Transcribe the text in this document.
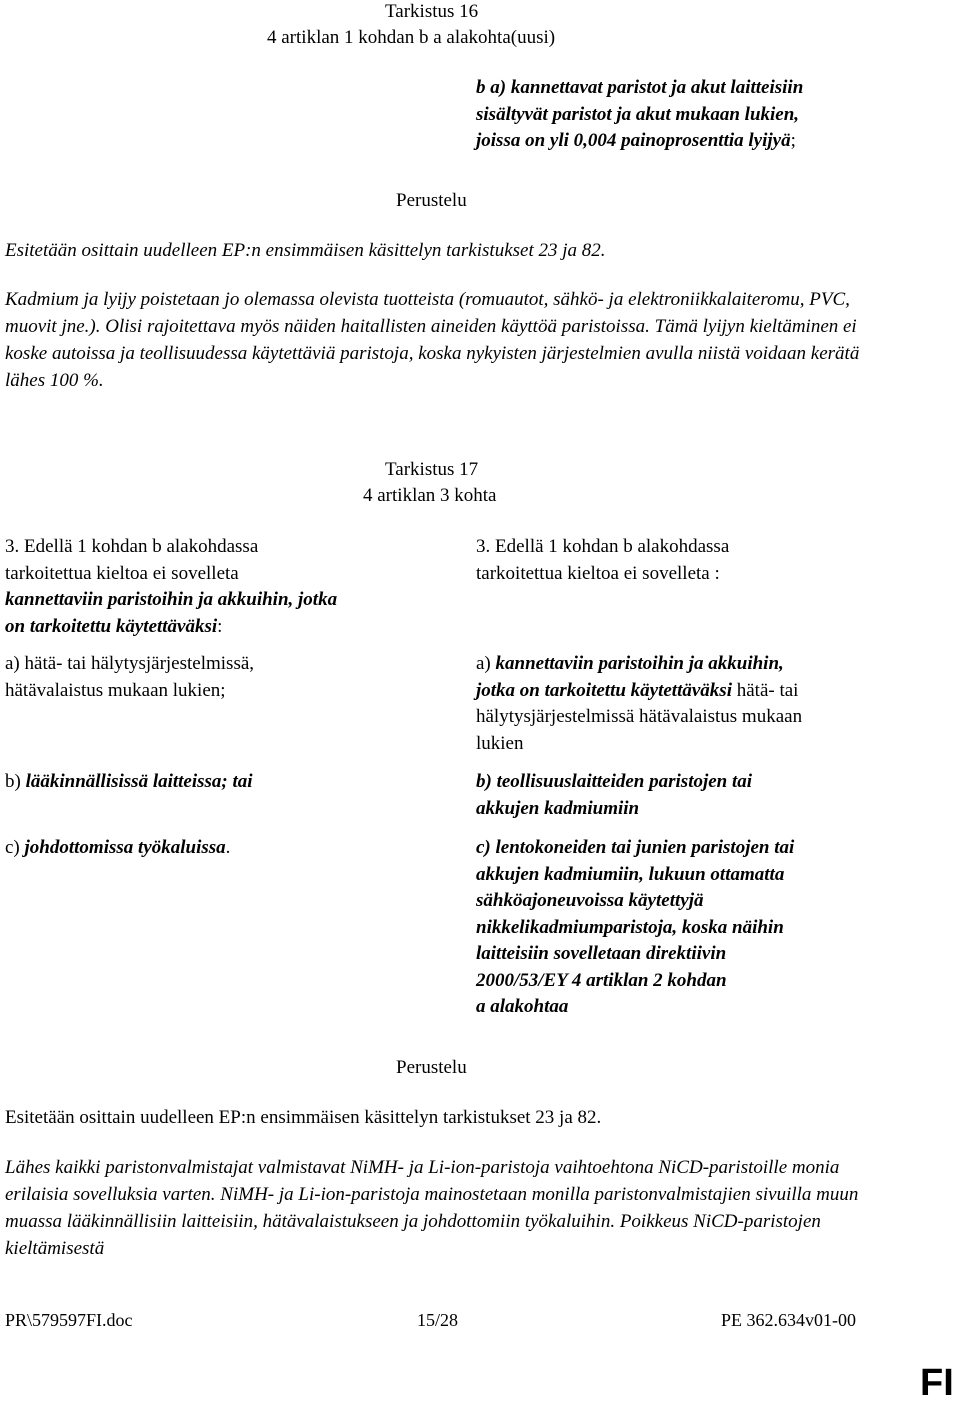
Tarkistus 16
4 artiklan 1 kohdan b a alakohta(uusi)
b a) kannettavat paristot ja akut laitteisiin
sisältyvät paristot ja akut mukaan lukien,
joissa on yli 0,004 painoprosenttia lyijyä;
Perustelu
Esitetään osittain uudelleen EP:n ensimmäisen käsittelyn tarkistukset 23 ja 82.
Kadmium ja lyijy poistetaan jo olemassa olevista tuotteista (romuautot, sähkö- ja elektroniikkalaiteromu, PVC, muovit jne.). Olisi rajoitettava myös näiden haitallisten aineiden käyttöä paristoissa. Tämä lyijyn kieltäminen ei koske autoissa ja teollisuudessa käytettäviä paristoja, koska nykyisten järjestelmien avulla niistä voidaan kerätä lähes 100 %.
Tarkistus 17
4 artiklan 3 kohta
3. Edellä 1 kohdan b alakohdassa
tarkoitettua kieltoa ei sovelleta
kannettaviin paristoihin ja akkuihin, jotka
on tarkoitettu käytettäväksi:
a) hätä- tai hälytysjärjestelmissä,
hätävalaistus mukaan lukien;
b) lääkinnällisissä laitteissa; tai
c) johdottomissa työkaluissa.
3. Edellä 1 kohdan b alakohdassa
tarkoitettua kieltoa ei sovelleta :
a) kannettaviin paristoihin ja akkuihin,
jotka on tarkoitettu käytettäväksi hätä- tai
hälytysjärjestelmissä hätävalaistus mukaan
lukien
b) teollisuuslaitteiden paristojen tai
akkujen kadmiumiin
c) lentokoneiden tai junien paristojen tai
akkujen kadmiumiin, lukuun ottamatta
sähköajoneuvoissa käytettyjä
nikkelikadmiumparistoja, koska näihin
laitteisiin sovelletaan direktiivin
2000/53/EY 4 artiklan 2 kohdan
a alakohtaa
Perustelu
Esitetään osittain uudelleen EP:n ensimmäisen käsittelyn tarkistukset 23 ja 82.
Lähes kaikki paristonvalmistajat valmistavat NiMH- ja Li-ion-paristoja vaihtoehtona NiCD-paristoille monia erilaisia sovelluksia varten. NiMH- ja Li-ion-paristoja mainostetaan monilla paristonvalmistajien sivuilla muun muassa lääkinnällisiin laitteisiin, hätävalaistukseen ja johdottomiin työkaluihin. Poikkeus NiCD-paristojen kieltämisestä
PR\579597FI.doc	15/28	PE 362.634v01-00
FI
